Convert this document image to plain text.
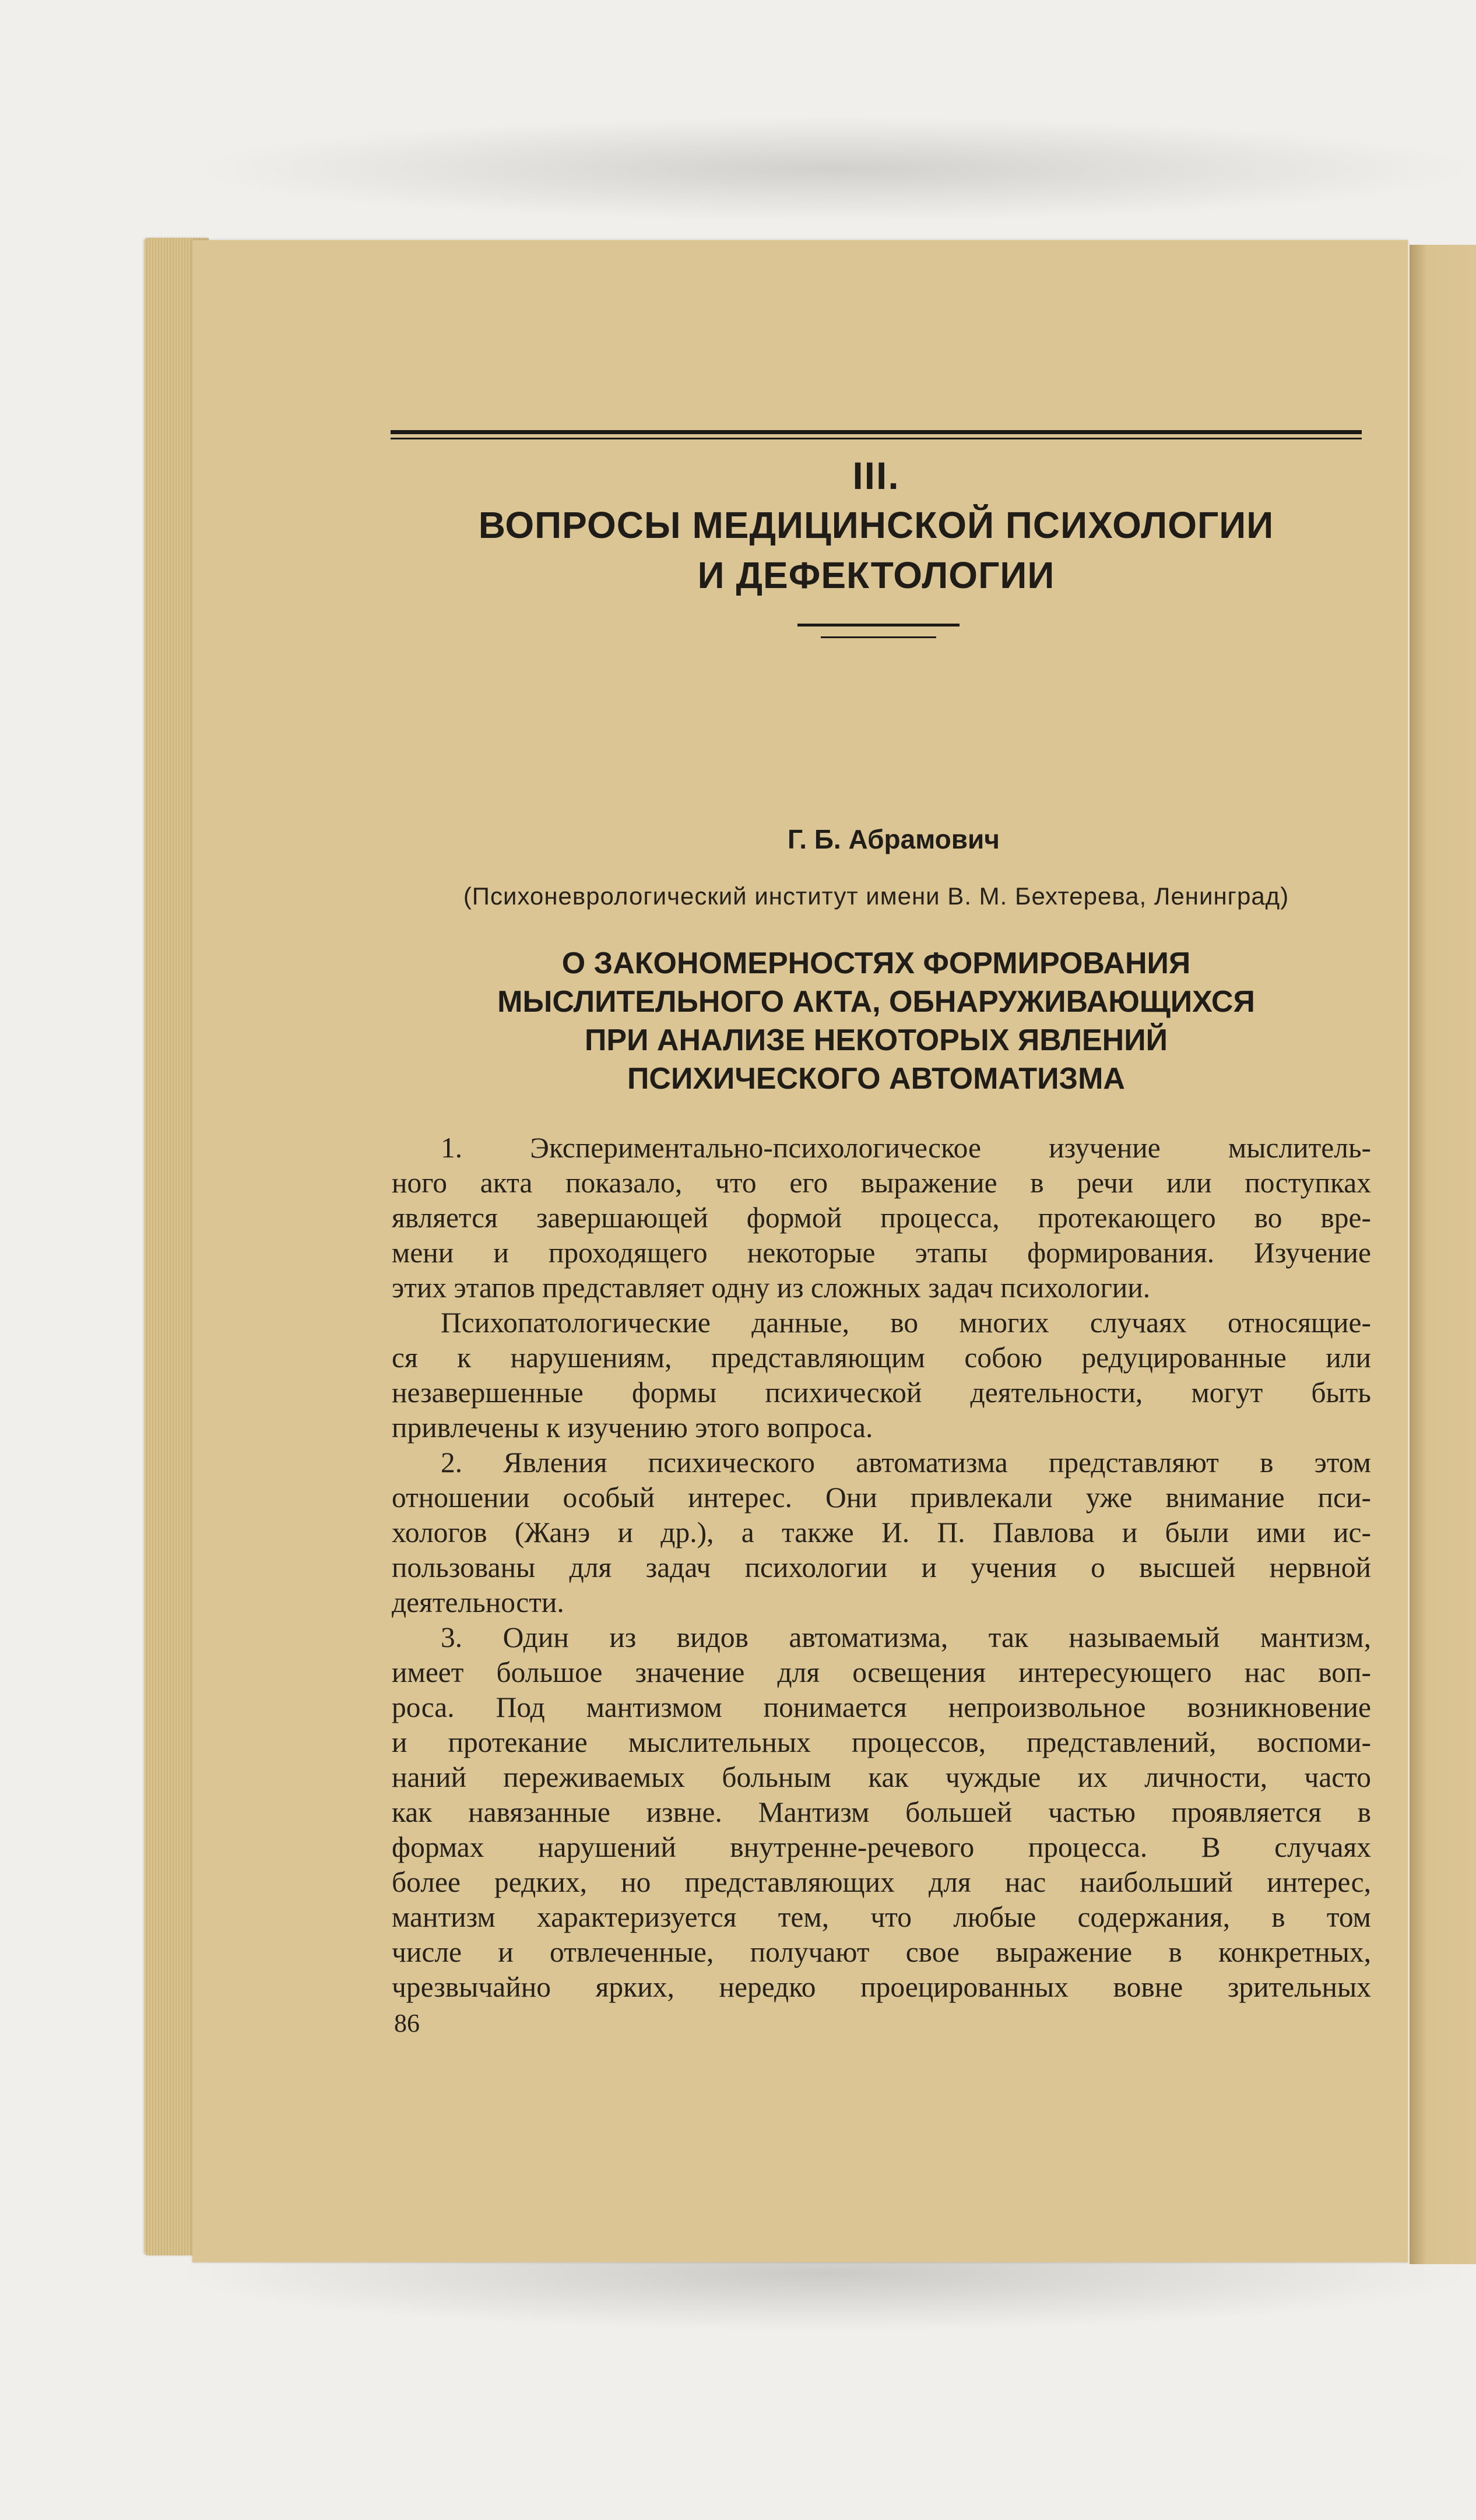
III.
ВОПРОСЫ МЕДИЦИНСКОЙ ПСИХОЛОГИИ
И ДЕФЕКТОЛОГИИ
Г. Б. Абрамович
(Психоневрологический институт имени В. М. Бехтерева, Ленинград)
О ЗАКОНОМЕРНОСТЯХ ФОРМИРОВАНИЯ
МЫСЛИТЕЛЬНОГО АКТА, ОБНАРУЖИВАЮЩИХСЯ
ПРИ АНАЛИЗЕ НЕКОТОРЫХ ЯВЛЕНИЙ
ПСИХИЧЕСКОГО АВТОМАТИЗМА
1. Экспериментально-психологическое изучение мыслитель-
ного акта показало, что его выражение в речи или поступках
является завершающей формой процесса, протекающего во вре-
мени и проходящего некоторые этапы формирования. Изучение
этих этапов представляет одну из сложных задач психологии.
Психопатологические данные, во многих случаях относящие-
ся к нарушениям, представляющим собою редуцированные или
незавершенные формы психической деятельности, могут быть
привлечены к изучению этого вопроса.
2. Явления психического автоматизма представляют в этом
отношении особый интерес. Они привлекали уже внимание пси-
хологов (Жанэ и др.), а также И. П. Павлова и были ими ис-
пользованы для задач психологии и учения о высшей нервной
деятельности.
3. Один из видов автоматизма, так называемый мантизм,
имеет большое значение для освещения интересующего нас воп-
роса. Под мантизмом понимается непроизвольное возникновение
и протекание мыслительных процессов, представлений, воспоми-
наний переживаемых больным как чуждые их личности, часто
как навязанные извне. Мантизм большей частью проявляется в
формах нарушений внутренне-речевого процесса. В случаях
более редких, но представляющих для нас наибольший интерес,
мантизм характеризуется тем, что любые содержания, в том
числе и отвлеченные, получают свое выражение в конкретных,
чрезвычайно ярких, нередко проецированных вовне зрительных
86
